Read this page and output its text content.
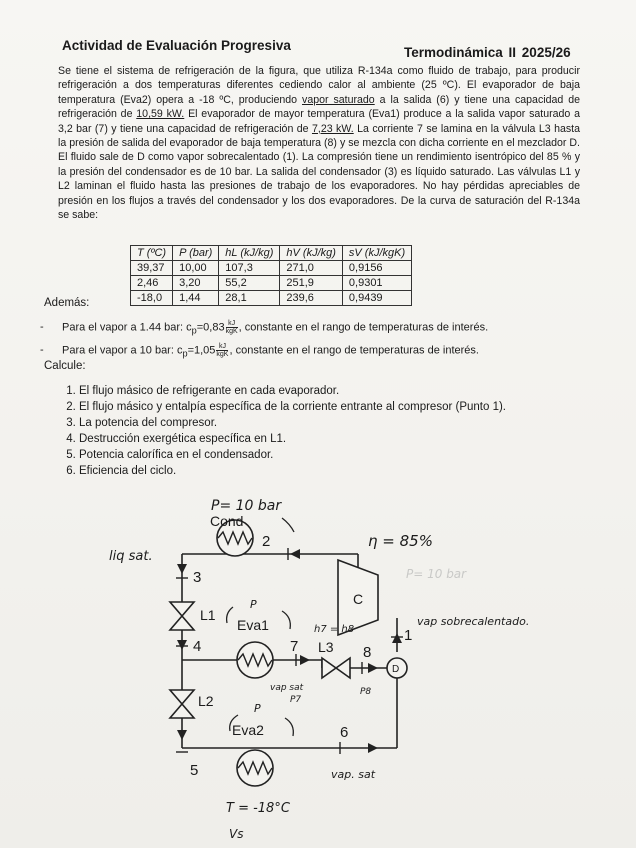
Actividad de Evaluación Progresiva	Termodinámica II 2025/26
Se tiene el sistema de refrigeración de la figura, que utiliza R-134a como fluido de trabajo, para producir refrigeración a dos temperaturas diferentes cediendo calor al ambiente (25 ºC). El evaporador de baja temperatura (Eva2) opera a -18 ºC, produciendo vapor saturado a la salida (6) y tiene una capacidad de refrigeración de 10,59 kW. El evaporador de mayor temperatura (Eva1) produce a la salida vapor saturado a 3,2 bar (7) y tiene una capacidad de refrigeración de 7,23 kW. La corriente 7 se lamina en la válvula L3 hasta la presión de salida del evaporador de baja temperatura (8) y se mezcla con dicha corriente en el mezclador D. El fluido sale de D como vapor sobrecalentado (1). La compresión tiene un rendimiento isentrópico del 85 % y la presión del condensador es de 10 bar. La salida del condensador (3) es líquido saturado. Las válvulas L1 y L2 laminan el fluido hasta las presiones de trabajo de los evaporadores. No hay pérdidas apreciables de presión en los flujos a través del condensador y los dos evaporadores. De la curva de saturación del R-134a se sabe:
T (ºC)	P (bar)	hL (kJ/kg)	hV (kJ/kg)	sV (kJ/kgK)
39,37	10,00	107,3	271,0	0,9156
2,46	3,20	55,2	251,9	0,9301
-18,0	1,44	28,1	239,6	0,9439
Además:
- Para el vapor a 1.44 bar: $c_p=0,83 \frac{kJ}{\text{kgK}}$ , constante en el rango de temperaturas de interés.
- Para el vapor a 10 bar: $c_p=1,05 \frac{kJ}{\text{kgK}}$ , constante en el rango de temperaturas de interés.
Calcule:
1. El flujo másico de refrigerante en cada evaporador.
2. El flujo másico y entalpía específica de la corriente entrante al compresor (Punto 1).
3. La potencia del compresor.
4. Destrucción exergética específica en L1.
5. Potencia calorífica en el condensador.
6. Eficiencia del ciclo.
C
D
Cond
Eva1
Eva2
L1
L2
L3
1
2
3
4
5
6
7	8
P= 10 bar
liq sat.
η = 85%
P= 10 bar
vap sobrecalentado.
h7 = h8
P
vap sat
P7
P8
P
vap. sat
T = -18°C
Vs
